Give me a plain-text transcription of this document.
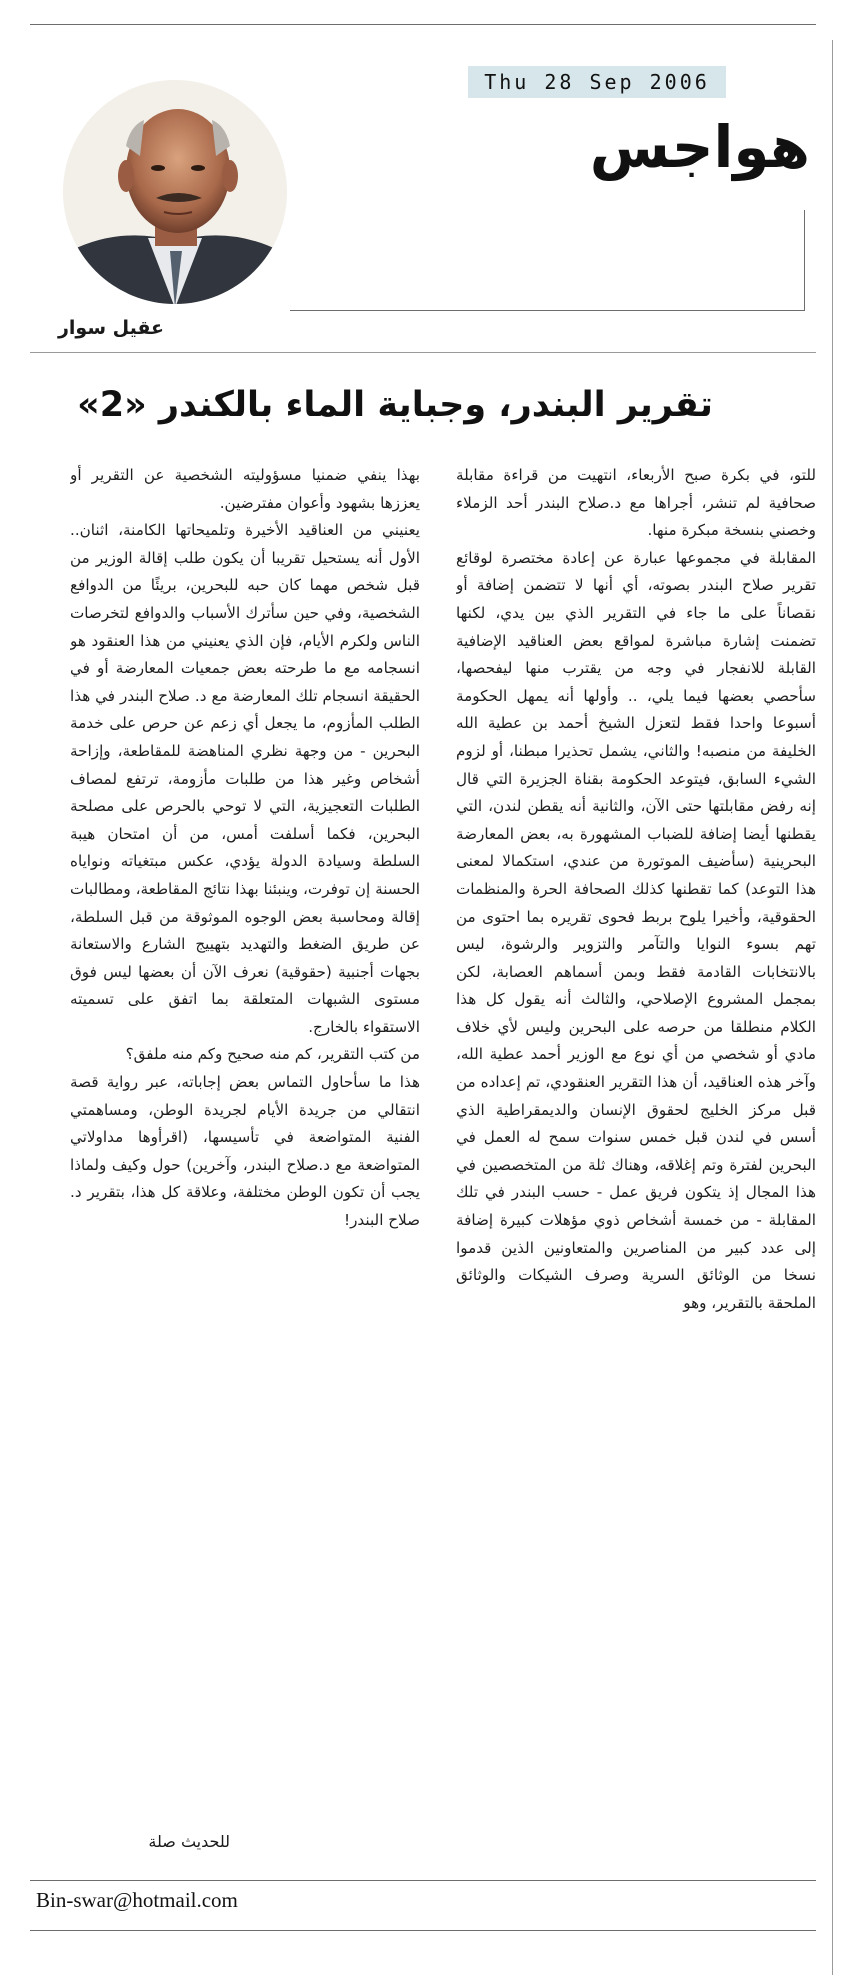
Thu 28 Sep 2006
هواجس
عقيل سوار
تقرير البندر، وجباية الماء بالكندر «2»

للتو، في بكرة صبح الأربعاء، انتهيت من قراءة مقابلة صحافية لم تنشر، أجراها مع د.صلاح البندر أحد الزملاء وخصني بنسخة مبكرة منها.

المقابلة في مجموعها عبارة عن إعادة مختصرة لوقائع تقرير صلاح البندر بصوته، أي أنها لا تتضمن إضافة أو نقصاناً على ما جاء في التقرير الذي بين يدي، لكنها تضمنت إشارة مباشرة لمواقع بعض العناقيد الإضافية القابلة للانفجار في وجه من يقترب منها ليفحصها، سأحصي بعضها فيما يلي، .. وأولها أنه يمهل الحكومة أسبوعا واحدا فقط لتعزل الشيخ أحمد بن عطية الله الخليفة من منصبه! والثاني، يشمل تحذيرا مبطنا، أو لزوم الشيء السابق، فيتوعد الحكومة بقناة الجزيرة التي قال إنه رفض مقابلتها حتى الآن، والثانية أنه يقطن لندن، التي يقطنها أيضا إضافة للضباب المشهورة به، بعض المعارضة البحرينية (سأضيف الموتورة من عندي، استكمالا لمعنى هذا التوعد) كما تقطنها كذلك الصحافة الحرة والمنظمات الحقوقية، وأخيرا يلوح بربط فحوى تقريره بما احتوى من تهم بسوء النوايا والتآمر والتزوير والرشوة، ليس بالانتخابات القادمة فقط وبمن أسماهم العصابة، لكن بمجمل المشروع الإصلاحي، والثالث أنه يقول كل هذا الكلام منطلقا من حرصه على البحرين وليس لأي خلاف مادي أو شخصي من أي نوع مع الوزير أحمد عطية الله، وآخر هذه العناقيد، أن هذا التقرير العنقودي، تم إعداده من قبل مركز الخليج لحقوق الإنسان والديمقراطية الذي أسس في لندن قبل خمس سنوات سمح له العمل في البحرين لفترة وتم إغلاقه، وهناك ثلة من المتخصصين في هذا المجال إذ يتكون فريق عمل - حسب البندر في تلك المقابلة - من خمسة أشخاص ذوي مؤهلات كبيرة إضافة إلى عدد كبير من المناصرين والمتعاونين الذين قدموا نسخا من الوثائق السرية وصرف الشيكات والوثائق الملحقة بالتقرير، وهو

بهذا ينفي ضمنيا مسؤوليته الشخصية عن التقرير أو يعززها بشهود وأعوان مفترضين.

يعنيني من العناقيد الأخيرة وتلميحاتها الكامنة، اثنان.. الأول أنه يستحيل تقريبا أن يكون طلب إقالة الوزير من قبل شخص مهما كان حبه للبحرين، بريئًا من الدوافع الشخصية، وفي حين سأترك الأسباب والدوافع لتخرصات الناس ولكرم الأيام، فإن الذي يعنيني من هذا العنقود هو انسجامه مع ما طرحته بعض جمعيات المعارضة أو في الحقيقة انسجام تلك المعارضة مع د. صلاح البندر في هذا الطلب المأزوم، ما يجعل أي زعم عن حرص على خدمة البحرين - من وجهة نظري المناهضة للمقاطعة، وإزاحة أشخاص وغير هذا من طلبات مأزومة، ترتفع لمصاف الطلبات التعجيزية، التي لا توحي بالحرص على مصلحة البحرين، فكما أسلفت أمس، من أن امتحان هيبة السلطة وسيادة الدولة يؤدي، عكس مبتغياته ونواياه الحسنة إن توفرت، وينبئنا بهذا نتائج المقاطعة، ومطالبات إقالة ومحاسبة بعض الوجوه الموثوقة من قبل السلطة، عن طريق الضغط والتهديد بتهييج الشارع والاستعانة بجهات أجنبية (حقوقية) نعرف الآن أن بعضها ليس فوق مستوى الشبهات المتعلقة بما اتفق على تسميته الاستقواء بالخارج.

من كتب التقرير، كم منه صحيح وكم منه ملفق؟

هذا ما سأحاول التماس بعض إجاباته، عبر رواية قصة انتقالي من جريدة الأيام لجريدة الوطن، ومساهمتي الفنية المتواضعة في تأسيسها، (اقرأوها مداولاتي المتواضعة مع د.صلاح البندر، وآخرين) حول وكيف ولماذا يجب أن تكون الوطن مختلفة، وعلاقة كل هذا، بتقرير د. صلاح البندر!

للحديث صلة
Bin-swar@hotmail.com
